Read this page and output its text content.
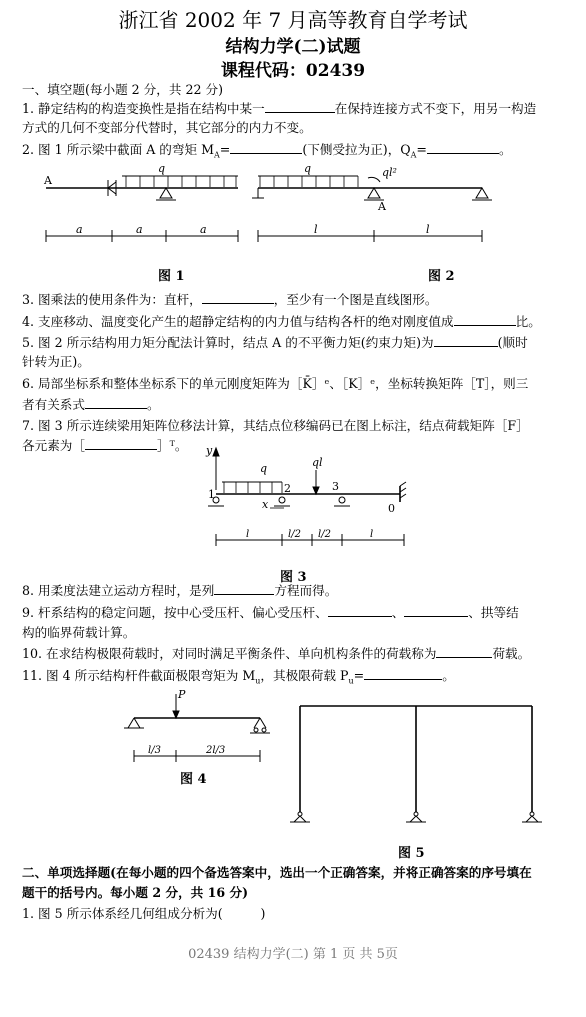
浙江省 2002 年 7 月高等教育自学考试
结构力学(二)试题
课程代码：02439
一、填空题(每小题 2 分，共 22 分)
1. 静定结构的构造变换性是指在结构中某一	在保持连接方式不变下，用另一构造
方式的几何不变部分代替时，其它部分的内力不变。
2. 图 1 所示梁中截面 A 的弯矩 $M_A=$	(下侧受拉为正)，$Q_A=$	。
A
q
a	a	a
q	ql²
A
l	l
图 1	图 2
3. 图乘法的使用条件为：直杆，	，至少有一个图是直线图形。
4. 支座移动、温度变化产生的超静定结构的内力值与结构各杆的绝对刚度值成	比。
5. 图 2 所示结构用力矩分配法计算时，结点 A 的不平衡力矩(约束力矩)为	(顺时
针转为正)。
6. 局部坐标系和整体坐标系下的单元刚度矩阵为［K̄］ᵉ、［K］ᵉ，坐标转换矩阵［T］，则三
者有关系式	。
7. 图 3 所示连续梁用矩阵位移法计算，其结点位移编码已在图上标注，结点荷载矩阵［F］
各元素为［	］ᵀ。	y
q	ql
1	2	3
0
x
l	l/2 l/2	l
图 3
8. 用柔度法建立运动方程时，是列	方程而得。
9. 杆系结构的稳定问题，按中心受压杆、偏心受压杆、	、	、拱等结
构的临界荷载计算。
10. 在求结构极限荷载时，对同时满足平衡条件、单向机构条件的荷载称为	荷载。
11. 图 4 所示结构杆件截面极限弯矩为 $M_u$，其极限荷载 $P_u=$	。
P
l/3	2l/3
图 4
图 5
二、单项选择题(在每小题的四个备选答案中，选出一个正确答案，并将正确答案的序号填在
题干的括号内。每小题 2 分，共 16 分)
1. 图 5 所示体系经几何组成分析为(　　　)
02439 结构力学(二) 第 1 页 共 5页
